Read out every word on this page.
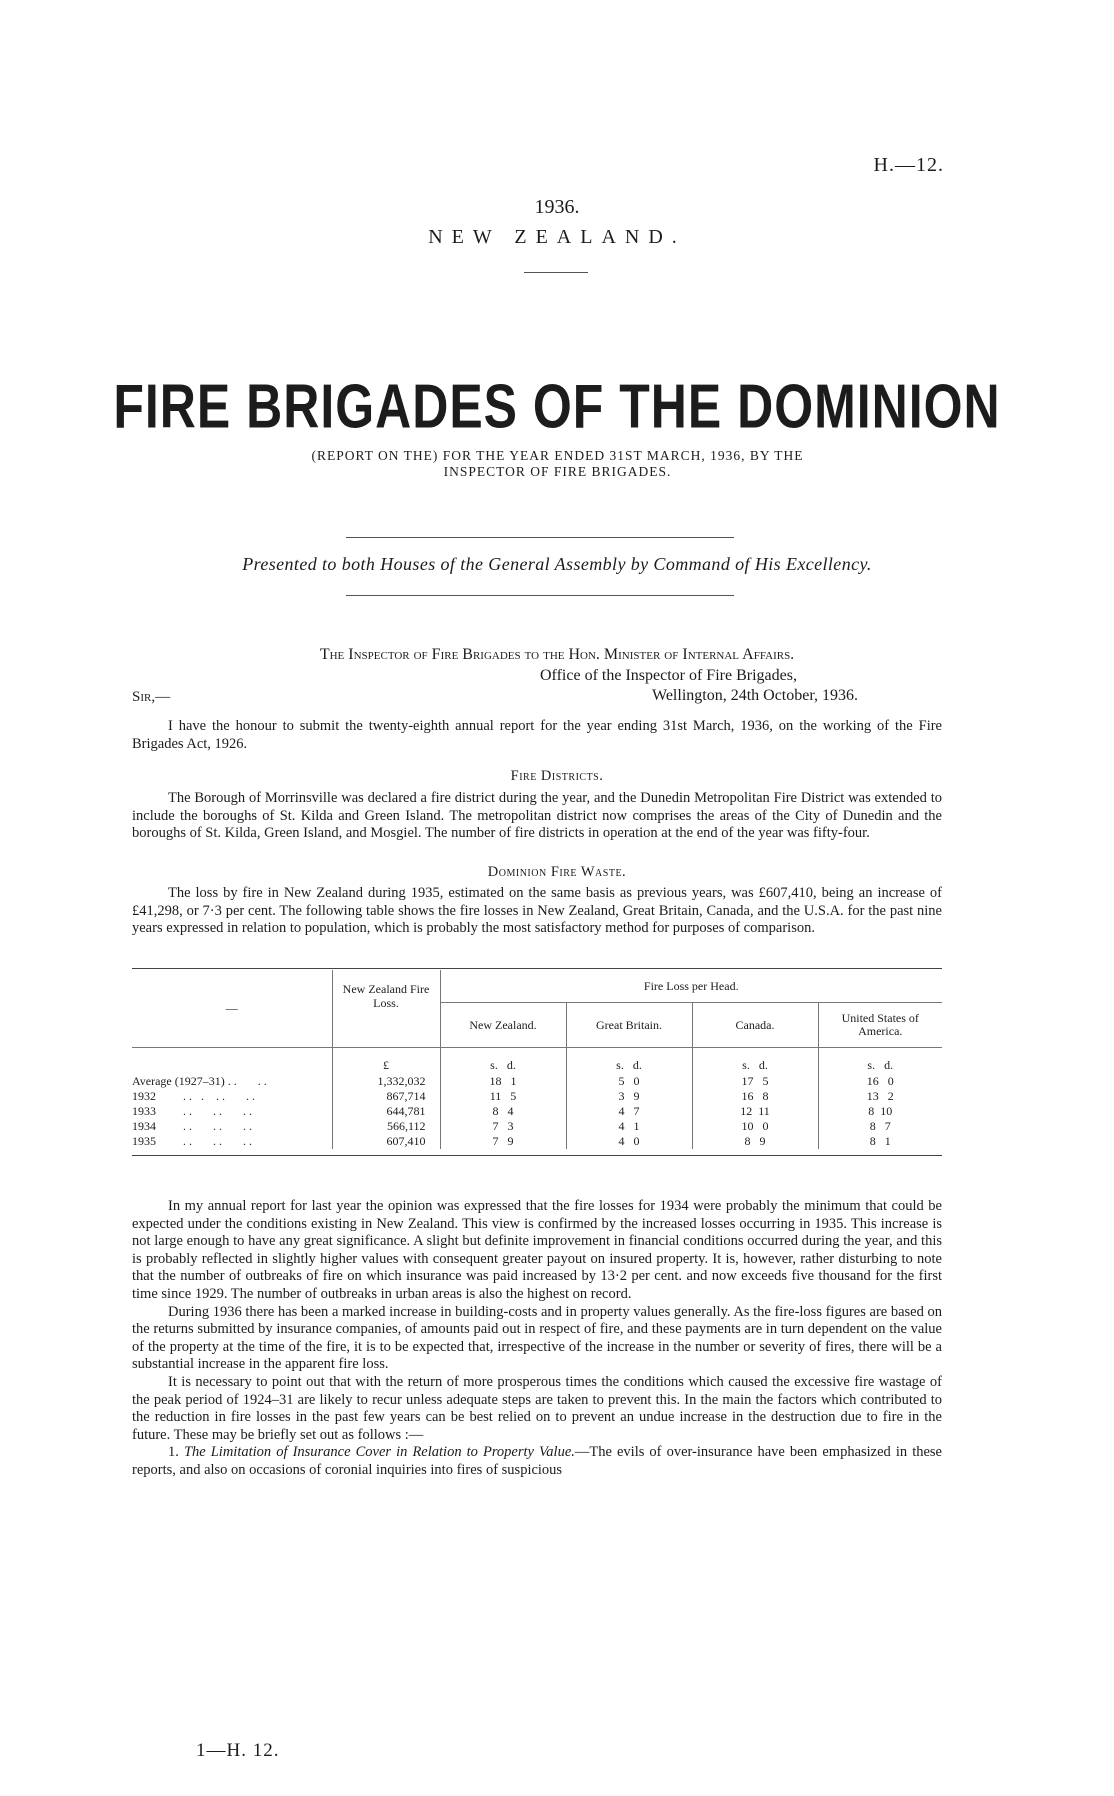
H.—12.
1936.
NEW ZEALAND.
FIRE BRIGADES OF THE DOMINION
(REPORT ON THE) FOR THE YEAR ENDED 31ST MARCH, 1936, BY THE
INSPECTOR OF FIRE BRIGADES.
Presented to both Houses of the General Assembly by Command of His Excellency.
The Inspector of Fire Brigades to the Hon. Minister of Internal Affairs.
Office of the Inspector of Fire Brigades,
Sir,—	Wellington, 24th October, 1936.

I have the honour to submit the twenty-eighth annual report for the year ending 31st March, 1936, on the working of the Fire Brigades Act, 1926.

Fire Districts.

The Borough of Morrinsville was declared a fire district during the year, and the Dunedin Metropolitan Fire District was extended to include the boroughs of St. Kilda and Green Island. The metropolitan district now comprises the areas of the City of Dunedin and the boroughs of St. Kilda, Green Island, and Mosgiel. The number of fire districts in operation at the end of the year was fifty-four.

Dominion Fire Waste.

The loss by fire in New Zealand during 1935, estimated on the same basis as previous years, was £607,410, being an increase of £41,298, or 7·3 per cent. The following table shows the fire losses in New Zealand, Great Britain, Canada, and the U.S.A. for the past nine years expressed in relation to population, which is probably the most satisfactory method for purposes of comparison.

—	New Zealand Fire Loss.	Fire Loss per Head.			
		New Zealand.	Great Britain.	Canada.	United States of America.
	£	s.   d.	s.   d.	s.   d.	s.   d.
Average (1927–31) . .       . .	1,332,032	18   1	5   0	17   5	16   0
1932         . .   .    . .       . .	867,714	11   5	3   9	16   8	13   2
1933         . .       . .       . .	644,781	8   4	4   7	12  11	8  10
1934         . .       . .       . .	566,112	7   3	4   1	10   0	8   7
1935         . .       . .       . .	607,410	7   9	4   0	8   9	8   1

In my annual report for last year the opinion was expressed that the fire losses for 1934 were probably the minimum that could be expected under the conditions existing in New Zealand. This view is confirmed by the increased losses occurring in 1935. This increase is not large enough to have any great significance. A slight but definite improvement in financial conditions occurred during the year, and this is probably reflected in slightly higher values with consequent greater payout on insured property. It is, however, rather disturbing to note that the number of outbreaks of fire on which insurance was paid increased by 13·2 per cent. and now exceeds five thousand for the first time since 1929. The number of outbreaks in urban areas is also the highest on record.

During 1936 there has been a marked increase in building-costs and in property values generally. As the fire-loss figures are based on the returns submitted by insurance companies, of amounts paid out in respect of fire, and these payments are in turn dependent on the value of the property at the time of the fire, it is to be expected that, irrespective of the increase in the number or severity of fires, there will be a substantial increase in the apparent fire loss.

It is necessary to point out that with the return of more prosperous times the conditions which caused the excessive fire wastage of the peak period of 1924–31 are likely to recur unless adequate steps are taken to prevent this. In the main the factors which contributed to the reduction in fire losses in the past few years can be best relied on to prevent an undue increase in the destruction due to fire in the future. These may be briefly set out as follows :—

1. The Limitation of Insurance Cover in Relation to Property Value.—The evils of over-insurance have been emphasized in these reports, and also on occasions of coronial inquiries into fires of suspicious

1—H. 12.
